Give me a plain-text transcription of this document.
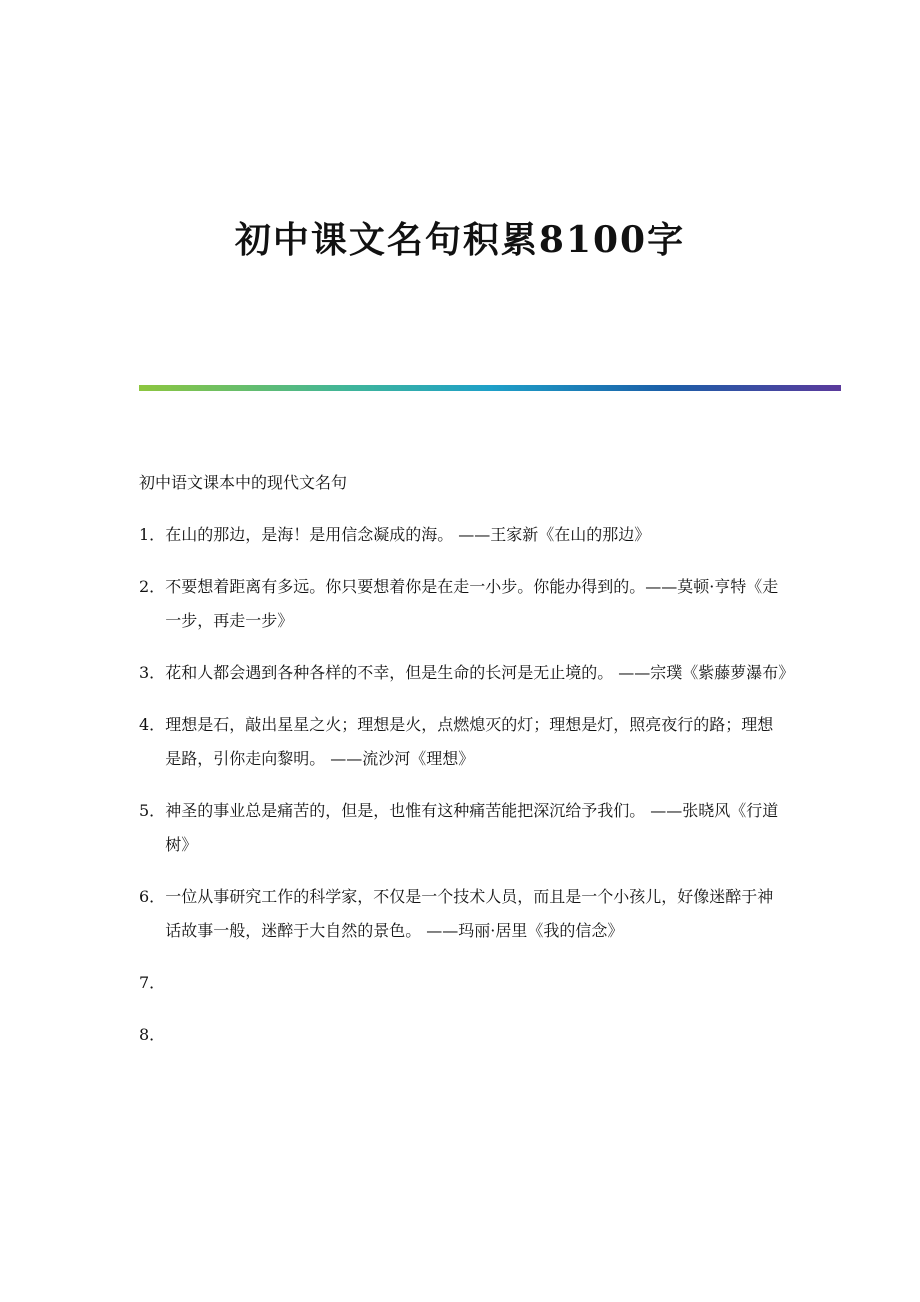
初中课文名句积累8100字

初中语文课本中的现代文名句

1． 在山的那边，是海！是用信念凝成的海。 ——王家新《在山的那边》
2． 不要想着距离有多远。你只要想着你是在走一小步。你能办得到的。——莫顿·亨特《走一步，再走一步》
3． 花和人都会遇到各种各样的不幸，但是生命的长河是无止境的。 ——宗璞《紫藤萝瀑布》
4． 理想是石，敲出星星之火；理想是火，点燃熄灭的灯；理想是灯，照亮夜行的路；理想是路，引你走向黎明。 ——流沙河《理想》
5． 神圣的事业总是痛苦的，但是，也惟有这种痛苦能把深沉给予我们。 ——张晓风《行道树》
6． 一位从事研究工作的科学家，不仅是一个技术人员，而且是一个小孩儿，好像迷醉于神话故事一般，迷醉于大自然的景色。 ——玛丽·居里《我的信念》
7．
8．
